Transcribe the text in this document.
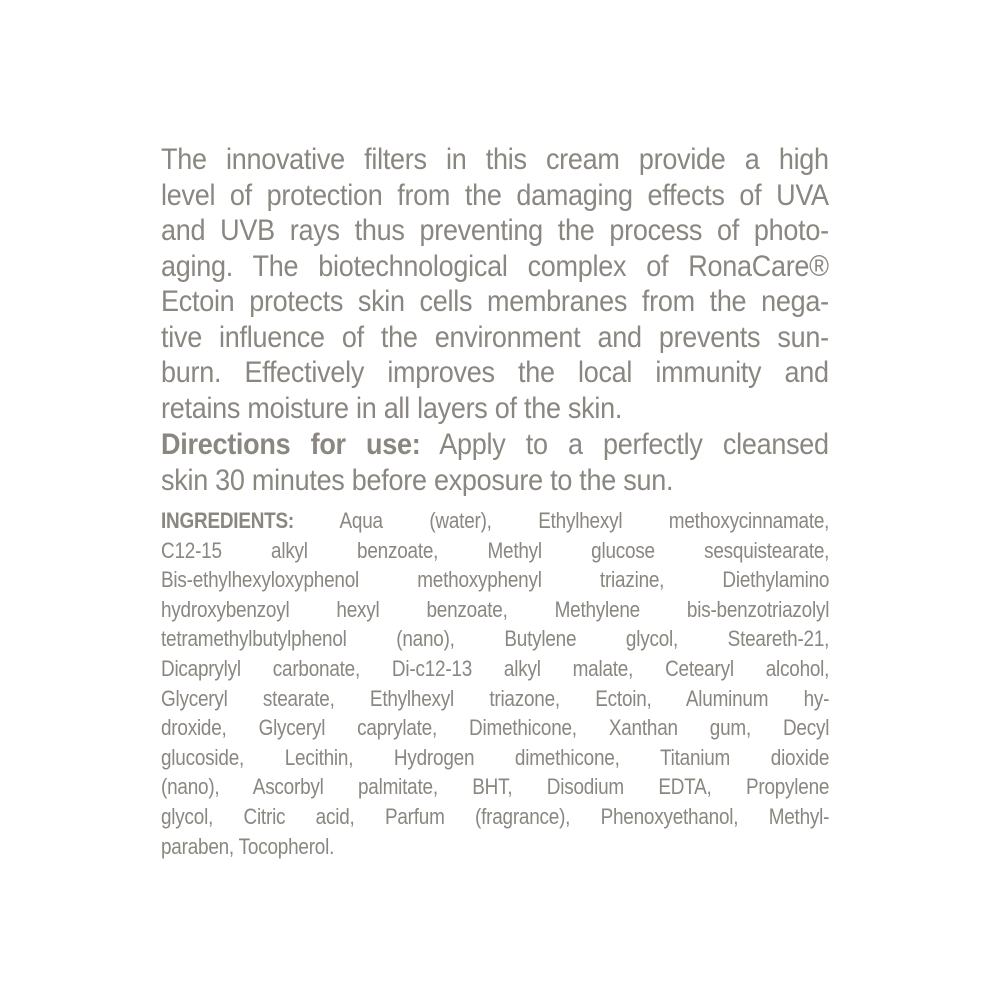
The innovative filters in this cream provide a high
level of protection from the damaging effects of UVA
and UVB rays thus preventing the process of photo-
aging. The biotechnological complex of RonaCare®
Ectoin protects skin cells membranes from the nega-
tive influence of the environment and prevents sun-
burn. Effectively improves the local immunity and
retains moisture in all layers of the skin.
Directions for use: Apply to a perfectly cleansed
skin 30 minutes before exposure to the sun.
INGREDIENTS: Aqua (water), Ethylhexyl methoxycinnamate,
C12-15 alkyl benzoate, Methyl glucose sesquistearate,
Bis-ethylhexyloxyphenol methoxyphenyl triazine, Diethylamino
hydroxybenzoyl hexyl benzoate, Methylene bis-benzotriazolyl
tetramethylbutylphenol (nano), Butylene glycol, Steareth-21,
Dicaprylyl carbonate, Di-c12-13 alkyl malate, Cetearyl alcohol,
Glyceryl stearate, Ethylhexyl triazone, Ectoin, Aluminum hy-
droxide, Glyceryl caprylate, Dimethicone, Xanthan gum, Decyl
glucoside, Lecithin, Hydrogen dimethicone, Titanium dioxide
(nano), Ascorbyl palmitate, BHT, Disodium EDTA, Propylene
glycol, Citric acid, Parfum (fragrance), Phenoxyethanol, Methyl-
paraben, Tocopherol.
